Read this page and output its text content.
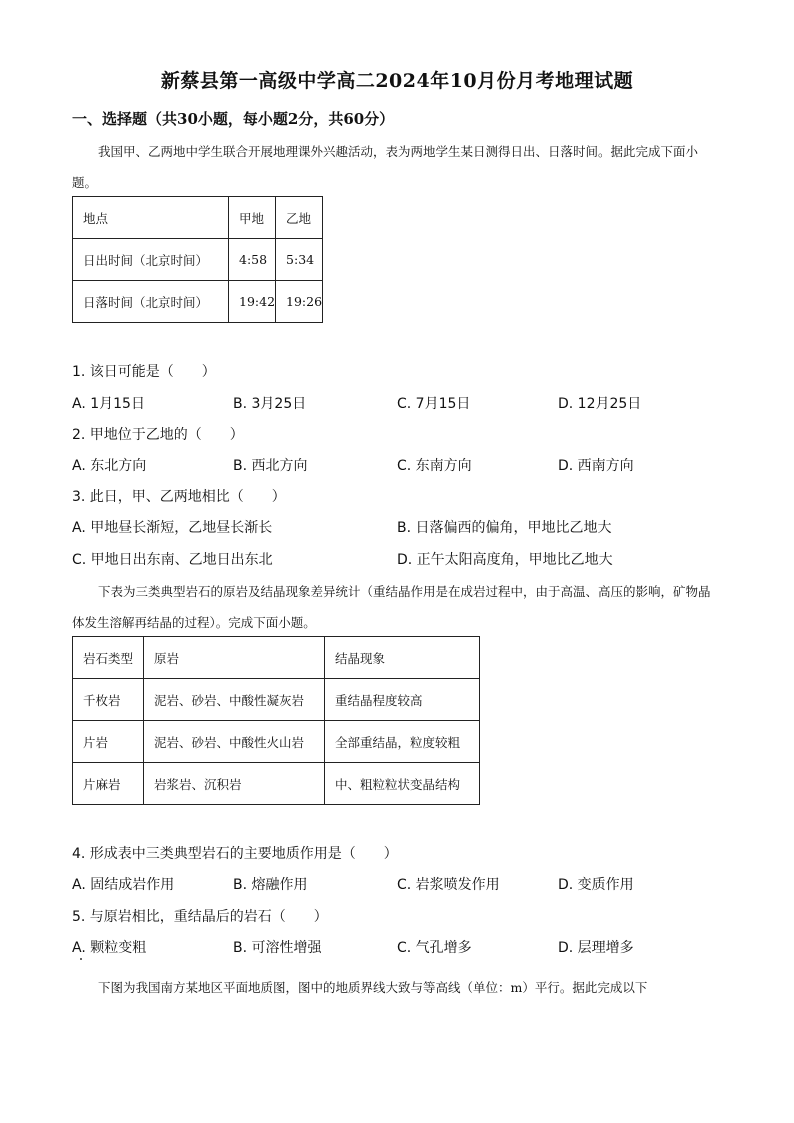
新蔡县第一高级中学高二2024年10月份月考地理试题
一、选择题（共30小题，每小题2分，共60分）
我国甲、乙两地中学生联合开展地理课外兴趣活动，表为两地学生某日测得日出、日落时间。据此完成下面小题。
地点	甲地	乙地
日出时间（北京时间）	4:58	5:34
日落时间（北京时间）	19:42	19:26
1. 该日可能是（　　）
A. 1月15日	B. 3月25日	C. 7月15日	D. 12月25日
2. 甲地位于乙地的（　　）
A. 东北方向	B. 西北方向	C. 东南方向	D. 西南方向
3. 此日，甲、乙两地相比（　　）
A. 甲地昼长渐短，乙地昼长渐长	B. 日落偏西的偏角，甲地比乙地大
C. 甲地日出东南、乙地日出东北	D. 正午太阳高度角，甲地比乙地大
下表为三类典型岩石的原岩及结晶现象差异统计（重结晶作用是在成岩过程中，由于高温、高压的影响，矿物晶体发生溶解再结晶的过程）。完成下面小题。
岩石类型	原岩	结晶现象
千枚岩	泥岩、砂岩、中酸性凝灰岩	重结晶程度较高
片岩	泥岩、砂岩、中酸性火山岩	全部重结晶，粒度较粗
片麻岩	岩浆岩、沉积岩	中、粗粒粒状变晶结构
4. 形成表中三类典型岩石的主要地质作用是（　　）
A. 固结成岩作用	B. 熔融作用	C. 岩浆喷发作用	D. 变质作用
5. 与原岩相比，重结晶后的岩石（　　）
A. 颗粒变粗	B. 可溶性增强	C. 气孔增多	D. 层理增多
下图为我国南方某地区平面地质图，图中的地质界线大致与等高线（单位：m）平行。据此完成以下
